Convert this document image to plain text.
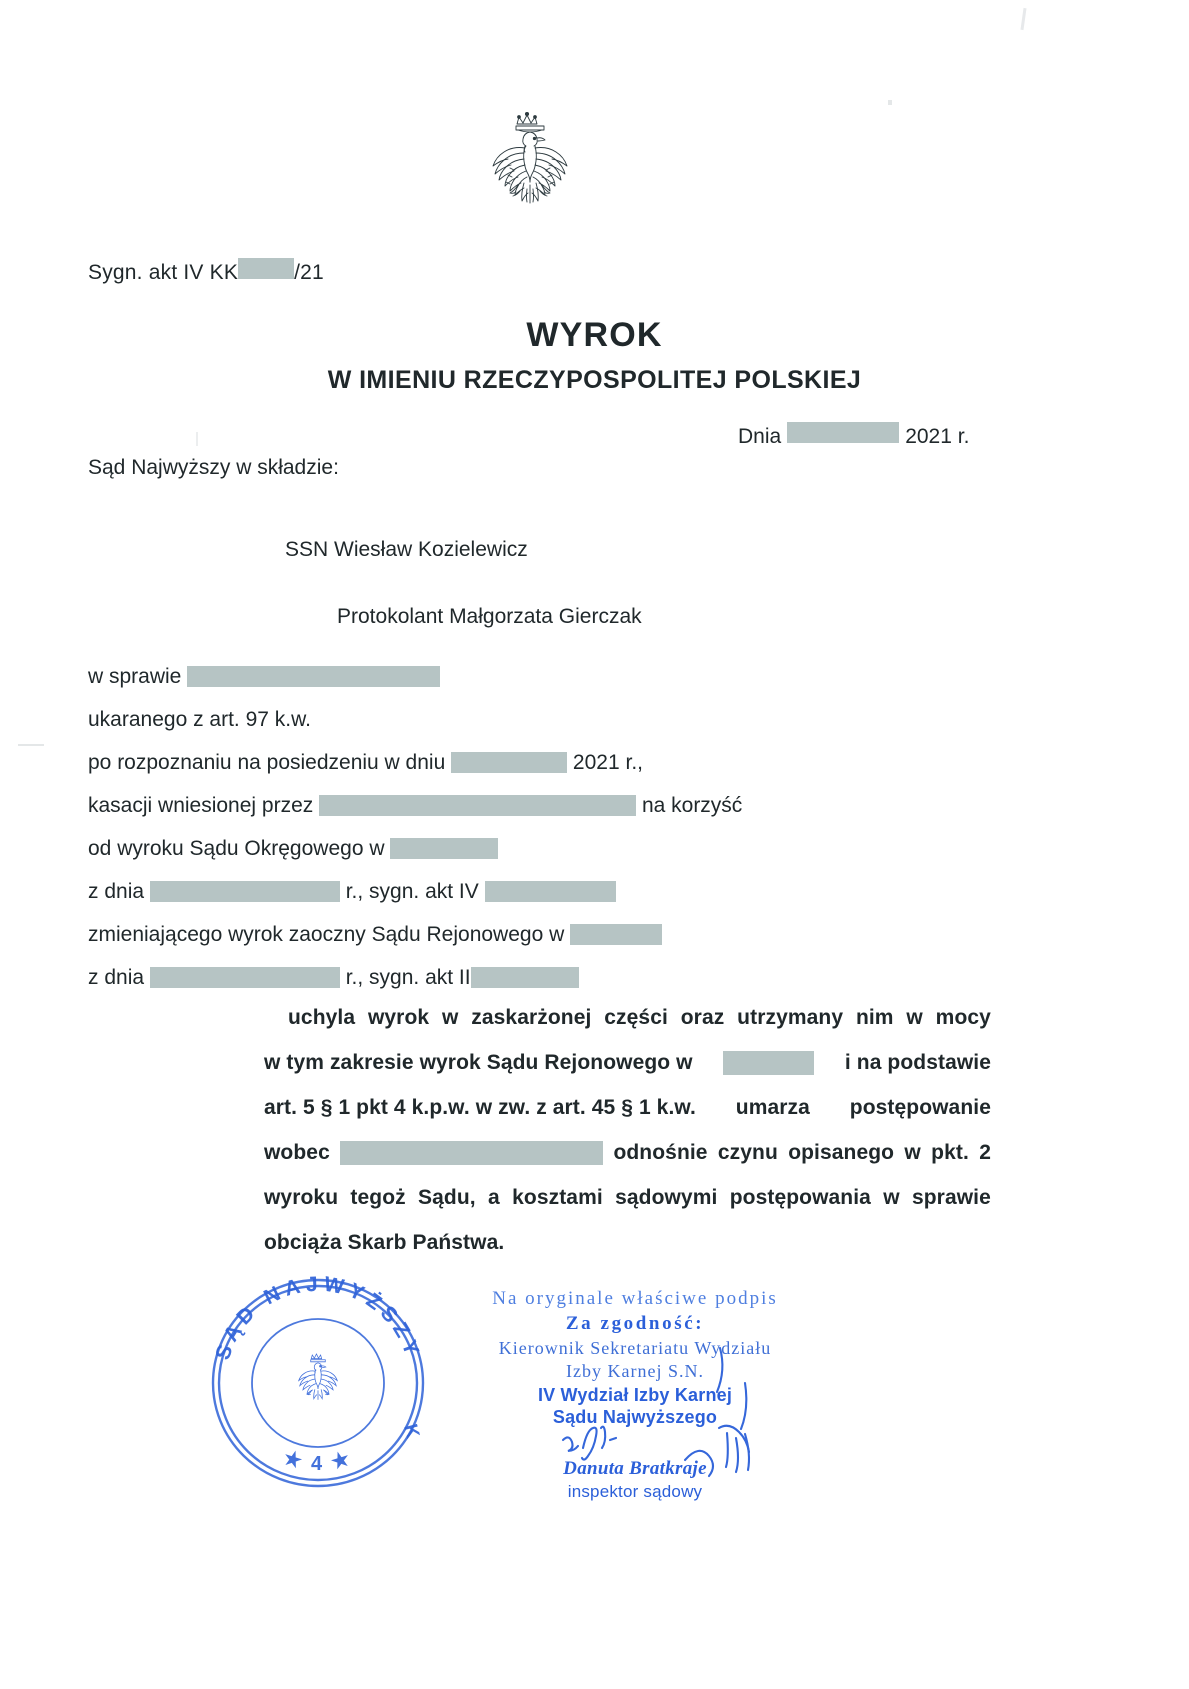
Sygn. akt IV KK	/21
WYROK
W IMIENIU RZECZYPOSPOLITEJ POLSKIEJ
Dnia	2021 r.
Sąd Najwyższy w składzie:
SSN Wiesław Kozielewicz
Protokolant Małgorzata Gierczak
w sprawie
ukaranego z art. 97 k.w.
po rozpoznaniu na posiedzeniu w dniu	2021 r.,
kasacji wniesionej przez	na korzyść
od wyroku Sądu Okręgowego w
z dnia	r., sygn. akt IV
zmieniającego wyrok zaoczny Sądu Rejonowego w
z dnia	r., sygn. akt II
uchyla wyrok w zaskarżonej części oraz utrzymany nim w mocy
w tym zakresie wyrok Sądu Rejonowego w	i na podstawie
art. 5 § 1 pkt 4 k.p.w. w zw. z art. 45 § 1 k.w. umarza postępowanie
wobec	odnośnie czynu opisanego w pkt. 2
wyroku tegoż Sądu, a kosztami sądowymi postępowania w sprawie
obciąża Skarb Państwa.
SĄD NAJWYŻSZY
★ 4 ★
K
Na oryginale właściwe podpis
Za zgodność:
Kierownik Sekretariatu Wydziału
Izby Karnej S.N.
IV Wydział Izby Karnej
Sądu Najwyższego
Danuta Bratkraje
inspektor sądowy
